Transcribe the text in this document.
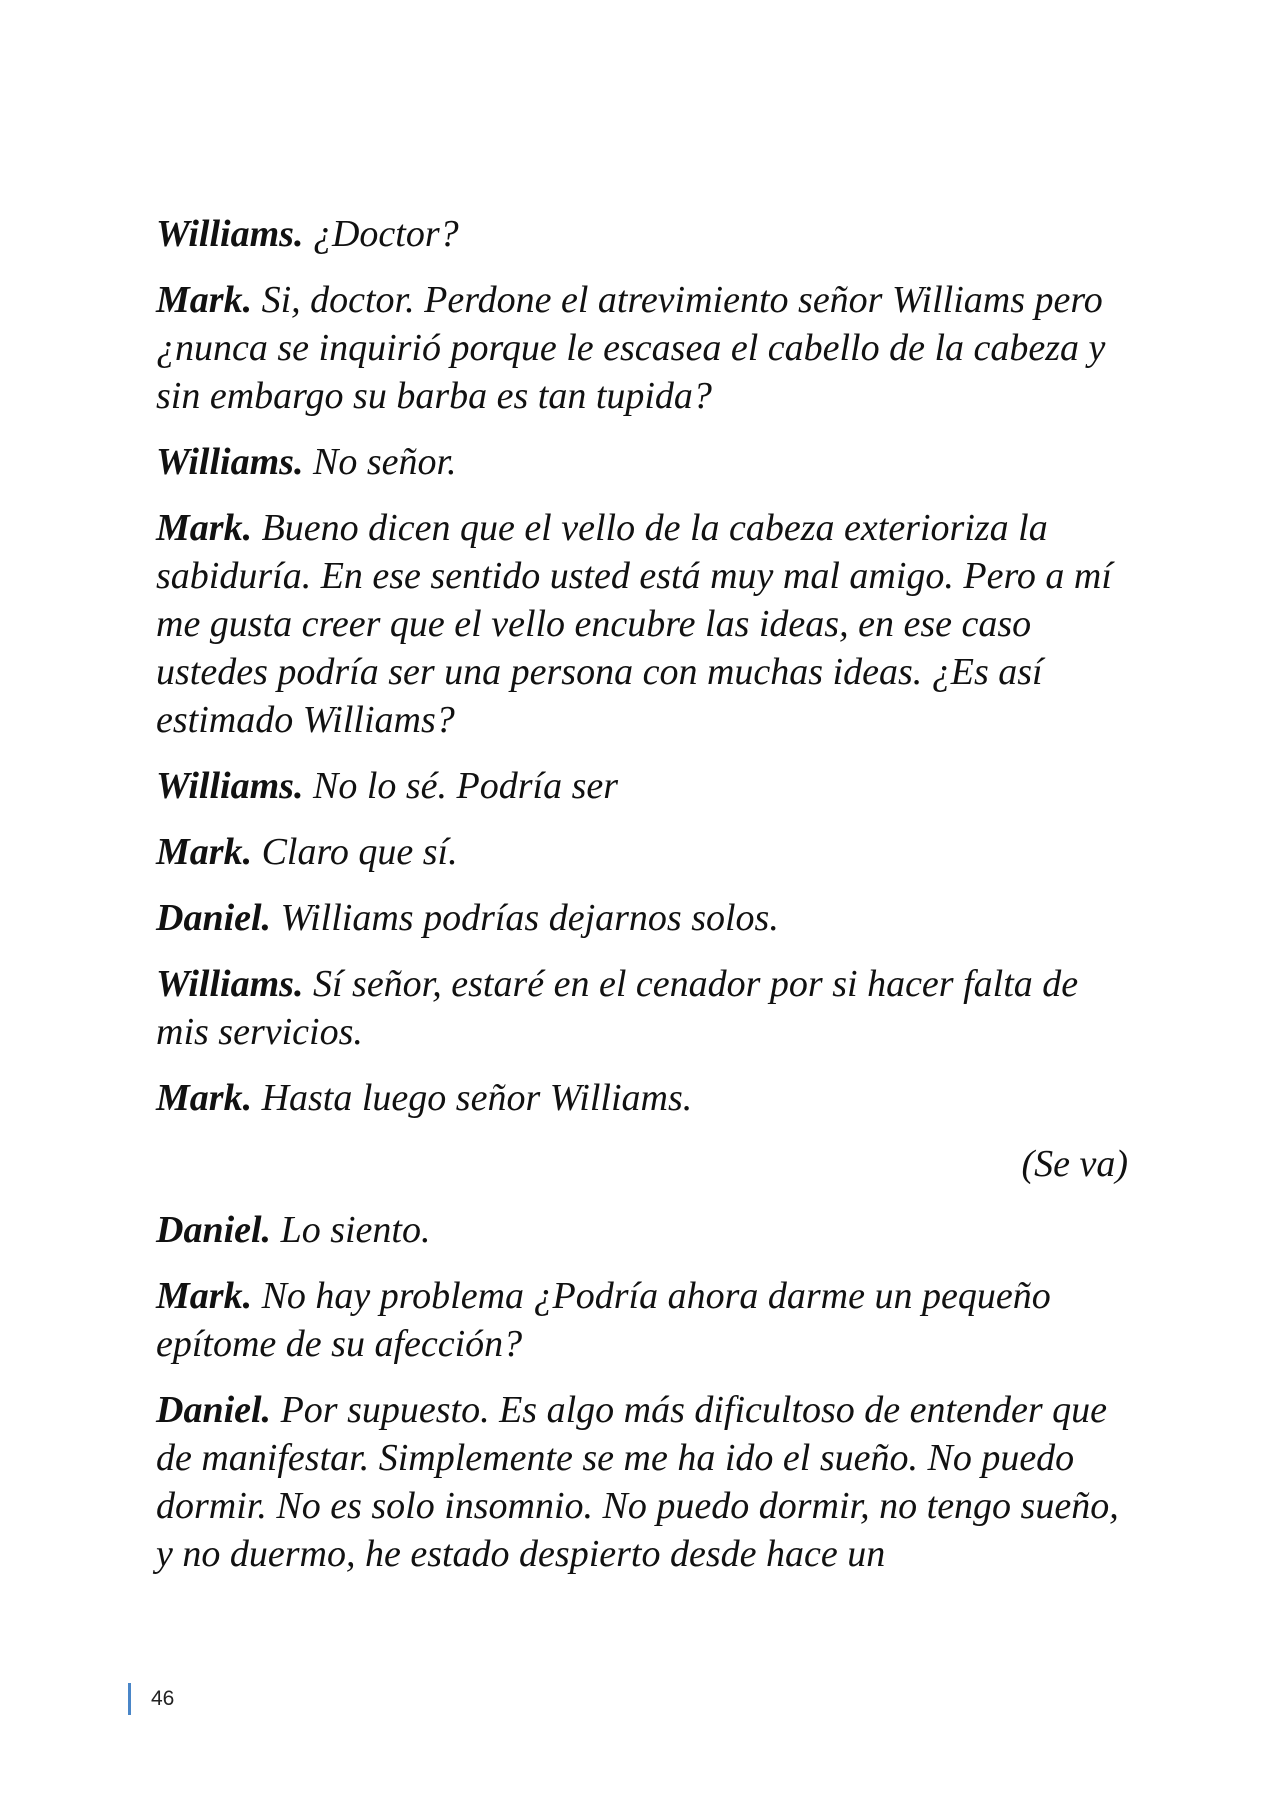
Williams. ¿Doctor?

Mark. Si, doctor. Perdone el atrevimiento señor Williams pero ¿nunca se inquirió porque le escasea el cabello de la cabeza y sin embargo su barba es tan tupida?

Williams. No señor.

Mark. Bueno dicen que el vello de la cabeza exterioriza la sabiduría. En ese sentido usted está muy mal amigo. Pero a mí me gusta creer que el vello encubre las ideas, en ese caso ustedes podría ser una persona con muchas ideas. ¿Es así estimado Williams?

Williams. No lo sé. Podría ser

Mark. Claro que sí.

Daniel. Williams podrías dejarnos solos.

Williams. Sí señor, estaré en el cenador por si hacer falta de mis servicios.

Mark. Hasta luego señor Williams.

(Se va)

Daniel. Lo siento.

Mark. No hay problema ¿Podría ahora darme un pequeño epítome de su afección?

Daniel. Por supuesto. Es algo más dificultoso de entender que de manifestar. Simplemente se me ha ido el sueño. No puedo dormir. No es solo insomnio. No puedo dormir, no tengo sueño, y no duermo, he estado despierto desde hace un

46
